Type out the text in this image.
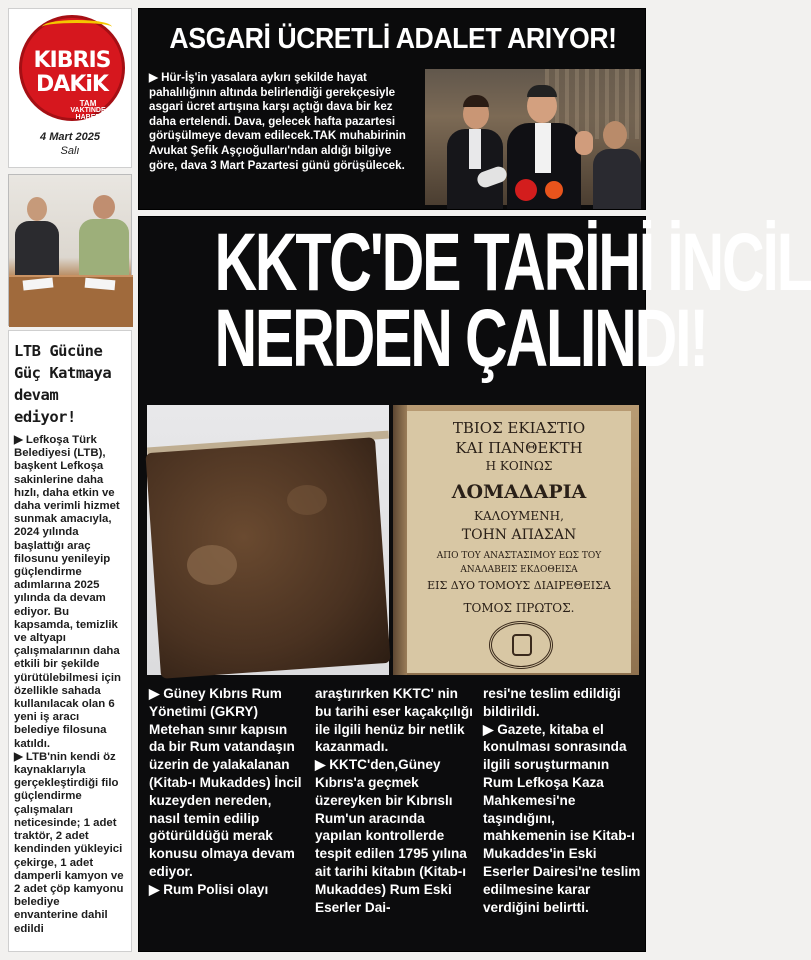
KIBRIS
DAKiK
TAM
VAKTINDE
HABER
4 Mart 2025
Salı
LTB Gücüne
Güç Katmaya
devam ediyor!
▶ Lefkoşa Türk Belediyesi (LTB), başkent Lefkoşa sakinlerine daha hızlı, daha etkin ve daha verimli hizmet sunmak amacıyla, 2024 yılında başlattığı araç filosunu yenileyip güçlendirme adımlarına 2025 yılında da devam ediyor. Bu kapsamda, temizlik ve altyapı çalışmalarının daha etkili bir şekilde yürütülebilmesi için özellikle sahada kullanılacak olan 6 yeni iş aracı belediye filosuna katıldı.
▶ LTB'nin kendi öz kaynaklarıyla gerçekleştirdiği filo güçlendirme çalışmaları neticesinde; 1 adet traktör, 2 adet kendinden yükleyici çekirge, 1 adet damperli kamyon ve 2 adet çöp kamyonu belediye envanterine dahil edildi
ASGARİ ÜCRETLİ ADALET ARIYOR!
▶ Hür-İş'in yasalara aykırı şekilde hayat pahalılığının altında belirlendiği gerekçesiyle asgari ücret artışına karşı açtığı dava bir kez daha ertelendi. Dava, gelecek hafta pazartesi görüşülmeye devam edilecek.TAK muhabirinin Avukat Şefik Aşçıoğulları'ndan aldığı bilgiye göre, dava 3 Mart Pazartesi günü görüşülecek.
KKTC'DE TARİHİ İNCİL
NERDEN ÇALINDI!
ΤΒΙΟΣ ΕΚΙΑΣΤΙΟ
ΚΑΙ ΠΑΝΘΕΚΤΗ
Η ΚΟΙΝΩΣ
ΛΟΜΑΔΑΡΙΑ
ΚΑΛΟΥΜΕΝΗ,
ΤΟΗΝ ΑΠΑΣΑΝ
ΑΠΟ ΤΟΥ ΑΝΑΣΤΑΣΙΜΟΥ ΕΩΣ ΤΟΥ
ΑΝΑΛΑΒΕΙΣ ΕΚΔΟΘΕΙΣΑ
ΕΙΣ ΔΥΟ ΤΟΜΟΥΣ ΔΙΑΙΡΕΘΕΙΣΑ
ΤΟΜΟΣ ΠΡΩΤΟΣ.
▶ Güney Kıbrıs Rum Yönetimi (GKRY) Metehan sınır kapısın da bir Rum vatandaşın üzerin de yalakalanan (Kitab-ı Mukaddes) İncil kuzeyden nereden, nasıl temin edilip götürüldüğü merak konusu olmaya devam ediyor.
▶ Rum Polisi olayı
araştırırken KKTC' nin bu tarihi eser kaçakçılığı ile ilgili henüz bir netlik kazanmadı.
▶ KKTC'den,Güney Kıbrıs'a geçmek üzereyken bir Kıbrıslı Rum'un aracında yapılan kontrollerde tespit edilen 1795 yılına ait tarihi kitabın (Kitab-ı Mukaddes) Rum Eski Eserler Dai-
resi'ne teslim edildiği bildirildi.
▶ Gazete, kitaba el konulması sonrasında ilgili soruşturmanın Rum Lefkoşa Kaza Mahkemesi'ne taşındığını, mahkemenin ise Kitab-ı Mukaddes'in Eski Eserler Dairesi'ne teslim edilmesine karar verdiğini belirtti.
